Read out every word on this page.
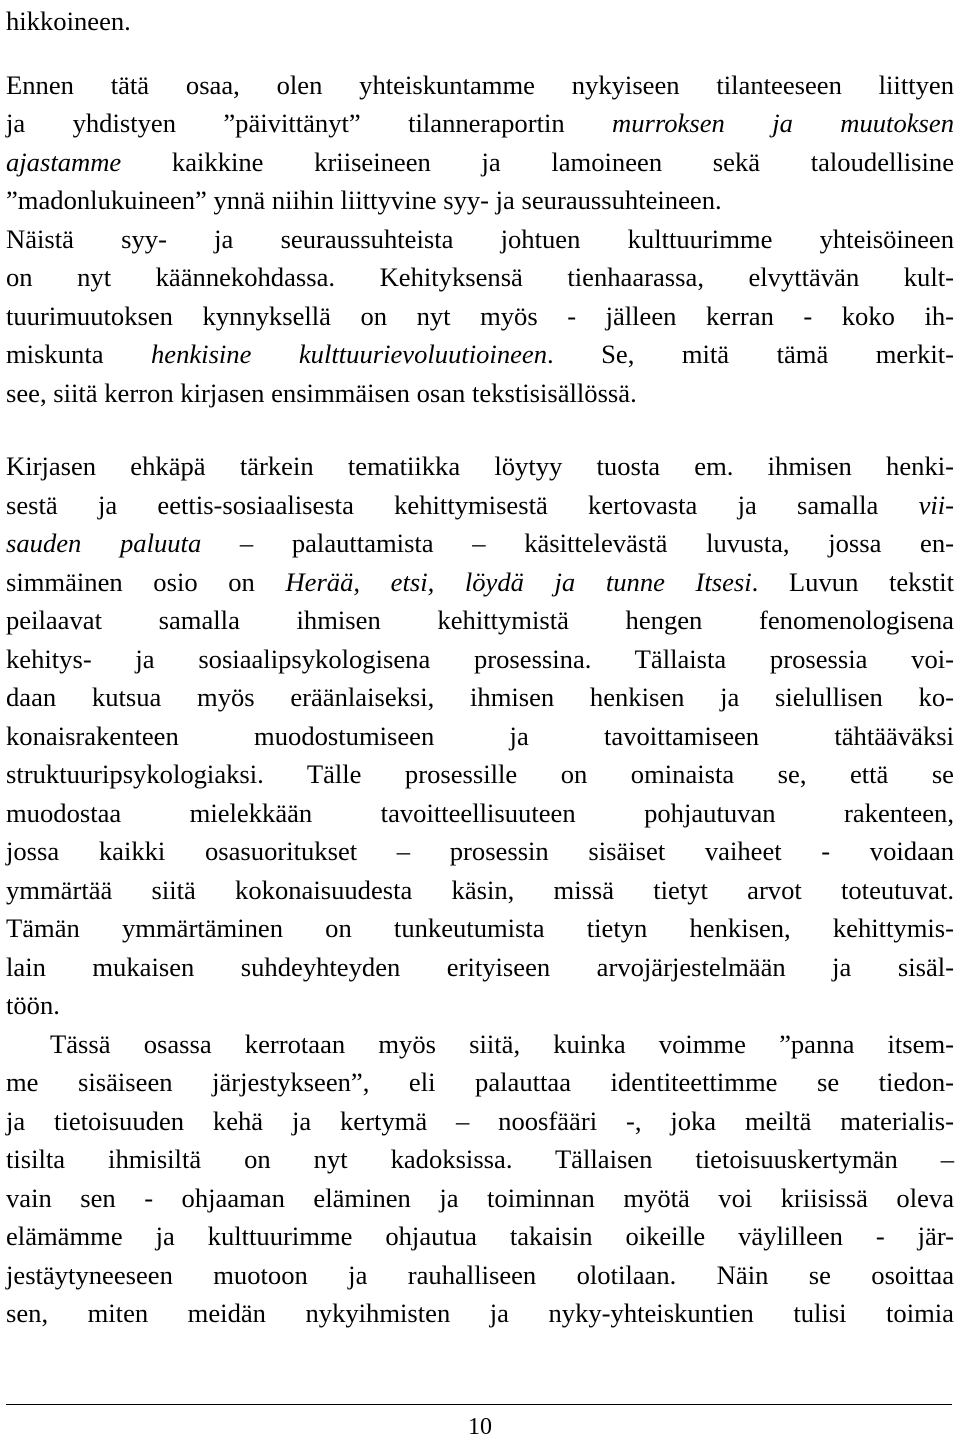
hikkoineen.
Ennen tätä osaa, olen yhteiskuntamme nykyiseen tilanteeseen liittyen
ja yhdistyen ”päivittänyt” tilanneraportin murroksen ja muutoksen
ajastamme kaikkine kriiseineen ja lamoineen sekä taloudellisine
”madonlukuineen” ynnä niihin liittyvine syy- ja seuraussuhteineen.
Näistä syy- ja seuraussuhteista johtuen kulttuurimme yhteisöineen
on nyt käännekohdassa. Kehityksensä tienhaarassa, elvyttävän kult-
tuurimuutoksen kynnyksellä on nyt myös - jälleen kerran - koko ih-
miskunta henkisine kulttuurievoluutioineen. Se, mitä tämä merkit-
see, siitä kerron kirjasen ensimmäisen osan tekstisisällössä.
Kirjasen ehkäpä tärkein tematiikka löytyy tuosta em. ihmisen henki-
sestä ja eettis-sosiaalisesta kehittymisestä kertovasta ja samalla vii-
sauden paluuta – palauttamista – käsittelevästä luvusta, jossa en-
simmäinen osio on Herää, etsi, löydä ja tunne Itsesi. Luvun tekstit
peilaavat samalla ihmisen kehittymistä hengen fenomenologisena
kehitys- ja sosiaalipsykologisena prosessina. Tällaista prosessia voi-
daan kutsua myös eräänlaiseksi, ihmisen henkisen ja sielullisen ko-
konaisrakenteen muodostumiseen ja tavoittamiseen tähtääväksi
struktuuripsykologiaksi. Tälle prosessille on ominaista se, että se
muodostaa mielekkään tavoitteellisuuteen pohjautuvan rakenteen,
jossa kaikki osasuoritukset – prosessin sisäiset vaiheet - voidaan
ymmärtää siitä kokonaisuudesta käsin, missä tietyt arvot toteutuvat.
Tämän ymmärtäminen on tunkeutumista tietyn henkisen, kehittymis-
lain mukaisen suhdeyhteyden erityiseen arvojärjestelmään ja sisäl-
töön.
Tässä osassa kerrotaan myös siitä, kuinka voimme ”panna itsem-
me sisäiseen järjestykseen”, eli palauttaa identiteettimme se tiedon-
ja tietoisuuden kehä ja kertymä – noosfääri -, joka meiltä materialis-
tisilta ihmisiltä on nyt kadoksissa. Tällaisen tietoisuuskertymän –
vain sen - ohjaaman eläminen ja toiminnan myötä voi kriisissä oleva
elämämme ja kulttuurimme ohjautua takaisin oikeille väylilleen - jär-
jestäytyneeseen muotoon ja rauhalliseen olotilaan. Näin se osoittaa
sen, miten meidän nykyihmisten ja nyky-yhteiskuntien tulisi toimia
10
